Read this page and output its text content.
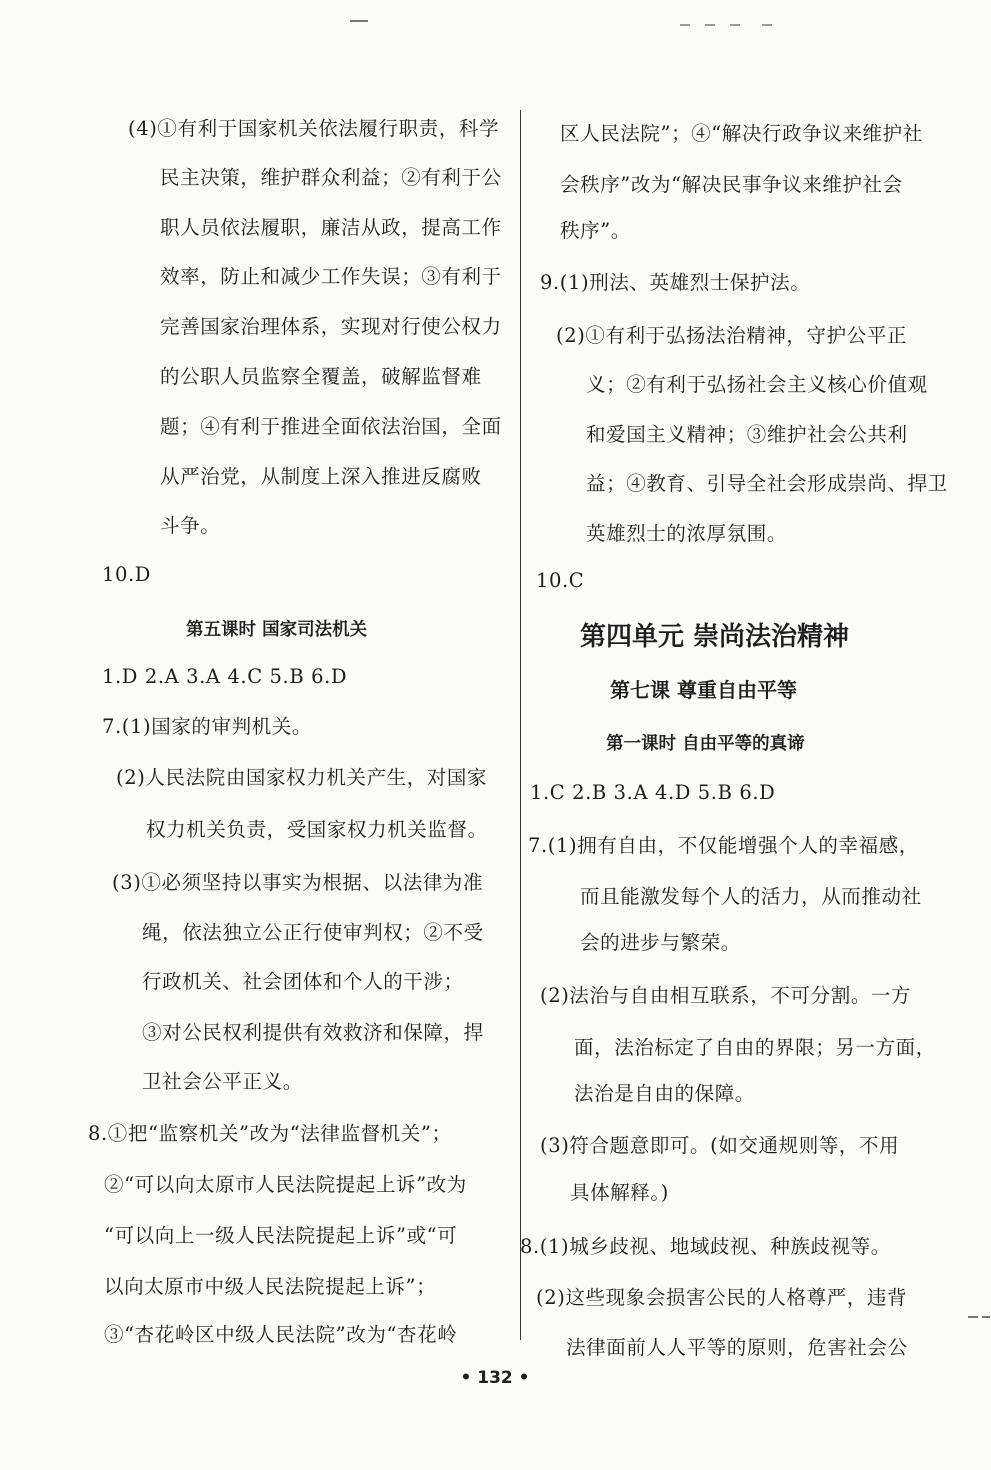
(4)①有利于国家机关依法履行职责，科学
民主决策，维护群众利益；②有利于公
职人员依法履职，廉洁从政，提高工作
效率，防止和减少工作失误；③有利于
完善国家治理体系，实现对行使公权力
的公职人员监察全覆盖，破解监督难
题；④有利于推进全面依法治国，全面
从严治党，从制度上深入推进反腐败
斗争。
10.D
1.D 2.A 3.A 4.C 5.B 6.D
7.(1)国家的审判机关。
(2)人民法院由国家权力机关产生，对国家
权力机关负责，受国家权力机关监督。
(3)①必须坚持以事实为根据、以法律为准
绳，依法独立公正行使审判权；②不受
行政机关、社会团体和个人的干涉；
③对公民权利提供有效救济和保障，捍
卫社会公平正义。
8.①把“监察机关”改为“法律监督机关”；
②“可以向太原市人民法院提起上诉”改为
“可以向上一级人民法院提起上诉”或“可
以向太原市中级人民法院提起上诉”；
③“杏花岭区中级人民法院”改为“杏花岭
区人民法院”；④“解决行政争议来维护社
会秩序”改为“解决民事争议来维护社会
秩序”。
9.(1)刑法、英雄烈士保护法。
(2)①有利于弘扬法治精神，守护公平正
义；②有利于弘扬社会主义核心价值观
和爱国主义精神；③维护社会公共利
益；④教育、引导全社会形成崇尚、捍卫
英雄烈士的浓厚氛围。
10.C
1.C 2.B 3.A 4.D 5.B 6.D
7.(1)拥有自由，不仅能增强个人的幸福感，
而且能激发每个人的活力，从而推动社
会的进步与繁荣。
(2)法治与自由相互联系，不可分割。一方
面，法治标定了自由的界限；另一方面，
法治是自由的保障。
(3)符合题意即可。(如交通规则等，不用
具体解释。)
8.(1)城乡歧视、地域歧视、种族歧视等。
(2)这些现象会损害公民的人格尊严，违背
法律面前人人平等的原则，危害社会公
第五课时 国家司法机关	第四单元 崇尚法治精神
第七课 尊重自由平等
第一课时 自由平等的真谛
• 132 •
